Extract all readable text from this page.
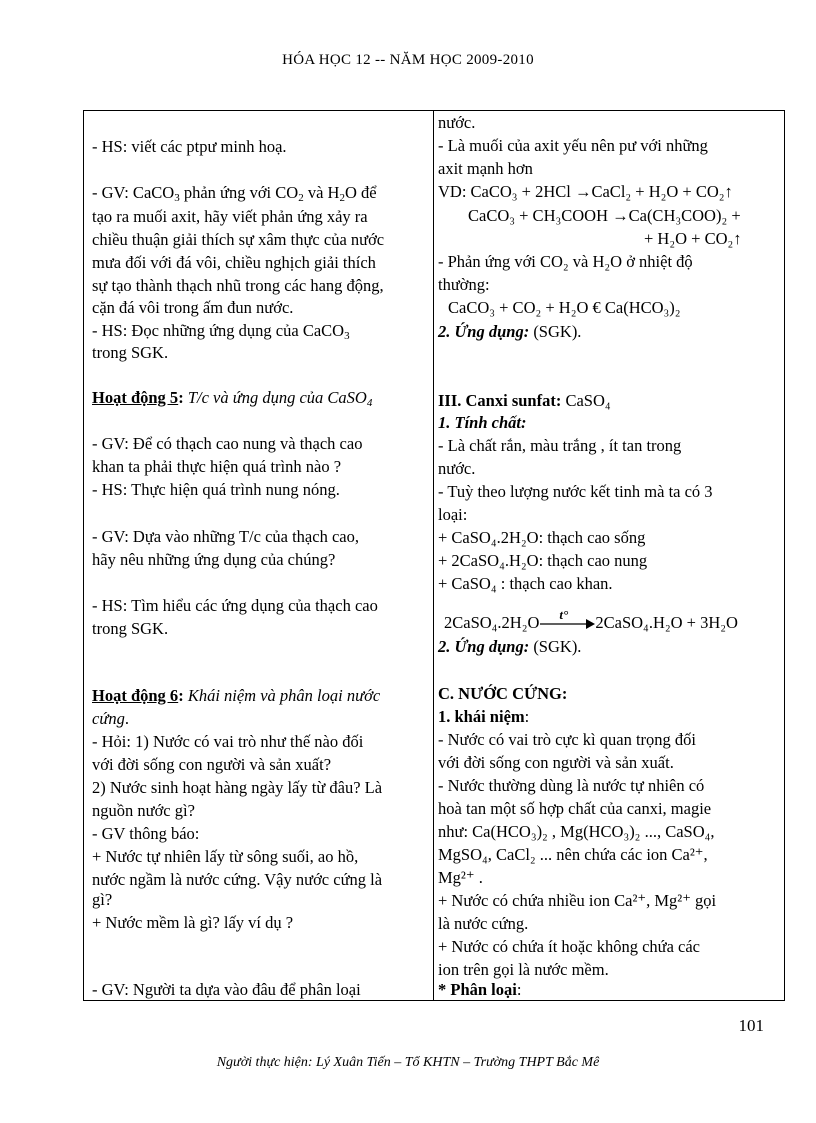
HÓA HỌC 12 -- NĂM HỌC 2009-2010
- HS: viết các ptpư minh hoạ.
- GV: CaCO$_3$ phản ứng với $CO_2$ và $H_2O$ để
tạo ra muối axit, hãy viết phản ứng xảy ra
chiều thuận giải thích sự xâm thực của nước
mưa đối với đá vôi, chiều nghịch giải thích
sự tạo thành thạch nhũ trong các hang động,
cặn đá vôi trong ấm đun nước.
- HS: Đọc những ứng dụng của CaCO$_3$
trong SGK.
Hoạt động 5: T/c và ứng dụng của CaSO$_4$
- GV: Để có thạch cao nung và thạch cao
khan ta phải thực hiện quá trình nào ?
- HS: Thực hiện quá trình nung nóng.
- GV: Dựa vào những T/c của thạch cao,
hãy nêu những ứng dụng của chúng?
- HS: Tìm hiểu các ứng dụng của thạch cao
trong SGK.
Hoạt động 6: Khái niệm và phân loại nước
cứng.
- Hỏi: 1) Nước có vai trò như thế nào đối
với đời sống con người và sản xuất?
2) Nước sinh hoạt hàng ngày lấy từ đâu? Là
nguồn nước gì?
- GV thông báo:
+ Nước tự nhiên lấy từ sông suối, ao hồ,
nước ngầm là nước cứng. Vậy nước cứng là
gì?
+ Nước mềm là gì? lấy ví dụ ?
- GV: Người ta dựa vào đâu để phân loại

nước.
- Là muối của axit yếu nên pư với những
axit mạnh hơn
VD: CaCO₃ + 2HCl →CaCl₂ + H₂O + CO₂↑
CaCO₃ + CH₃COOH →Ca(CH₃COO)₂ +
+ H₂O + CO₂↑
- Phản ứng với CO₂ và H₂O ở nhiệt độ
thường:
CaCO₃ + CO₂ + H₂O € Ca(HCO₃)₂
2. Ứng dụng: (SGK).
III. Canxi sunfat: CaSO₄
1. Tính chất:
- Là chất rắn, màu trắng , ít tan trong
nước.
- Tuỳ theo lượng nước kết tinh mà ta có 3
loại:
+ CaSO₄.2H₂O: thạch cao sống
+ 2CaSO₄.H₂O: thạch cao nung
+ CaSO₄ : thạch cao khan.
2CaSO₄.2H₂O t° 2CaSO₄.H₂O + 3H₂O
2. Ứng dụng: (SGK).
C. NƯỚC CỨNG:
1. khái niệm:
- Nước có vai trò cực kì quan trọng đối
với đời sống con người và sản xuất.
- Nước thường dùng là nước tự nhiên có
hoà tan một số hợp chất của canxi, magie
như: Ca(HCO₃)₂ , Mg(HCO₃)₂ ..., CaSO₄,
MgSO₄, CaCl₂ ... nên chứa các ion Ca²⁺,
Mg²⁺ .
+ Nước có chứa nhiều ion Ca²⁺, Mg²⁺ gọi
là nước cứng.
+ Nước có chứa ít hoặc không chứa các
ion trên gọi là nước mềm.
* Phân loại:
101
Người thực hiện: Lý Xuân Tiến – Tổ KHTN – Trường THPT Bắc Mê
